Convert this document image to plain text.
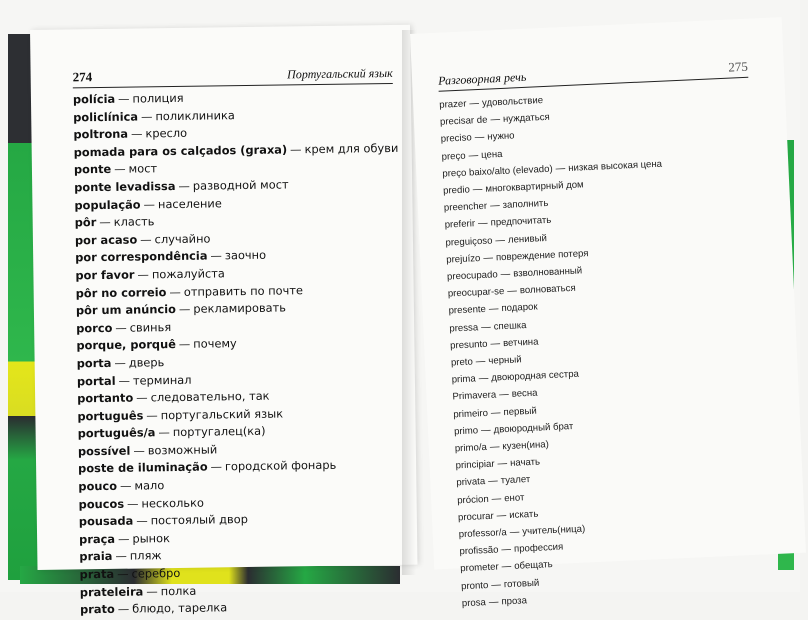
274	Португальский язык
polícia — полиция
policlínica — поликлиника
poltrona — кресло
pomada para os calçados (graxa) — крем для обуви
ponte — мост
ponte levadissa — разводной мост
população — население
pôr — класть
por acaso — случайно
por correspondência — заочно
por favor — пожалуйста
pôr no correio — отправить по почте
pôr um anúncio — рекламировать
porco — свинья
porque, porquê — почему
porta — дверь
portal — терминал
portanto — следовательно, так
português — португальский язык
português/a — португалец(ка)
possível — возможный
poste de iluminação — городской фонарь
pouco — мало
poucos — несколько
pousada — постоялый двор
praça — рынок
praia — пляж
prata — серебро
prateleira — полка
prato — блюдо, тарелка
Разговорная речь
275
prazer — удовольствие
precisar de — нуждаться
preciso — нужно
preço — цена
preço baixo/alto (elevado) — низкая высокая цена
predio — многоквартирный дом
preencher — заполнить
preferir — предпочитать
preguiçoso — ленивый
prejuízo — повреждение потеря
preocupado — взволнованный
preocupar-se — волноваться
presente — подарок
pressa — спешка
presunto — ветчина
preto — черный
prima — двоюродная сестра
Primavera — весна
primeiro — первый
primo — двоюродный брат
primo/a — кузен(ина)
principiar — начать
privata — туалет
prócion — енот
procurar — искать
professor/a — учитель(ница)
profissão — профессия
prometer — обещать
pronto — готовый
prosa — проза
